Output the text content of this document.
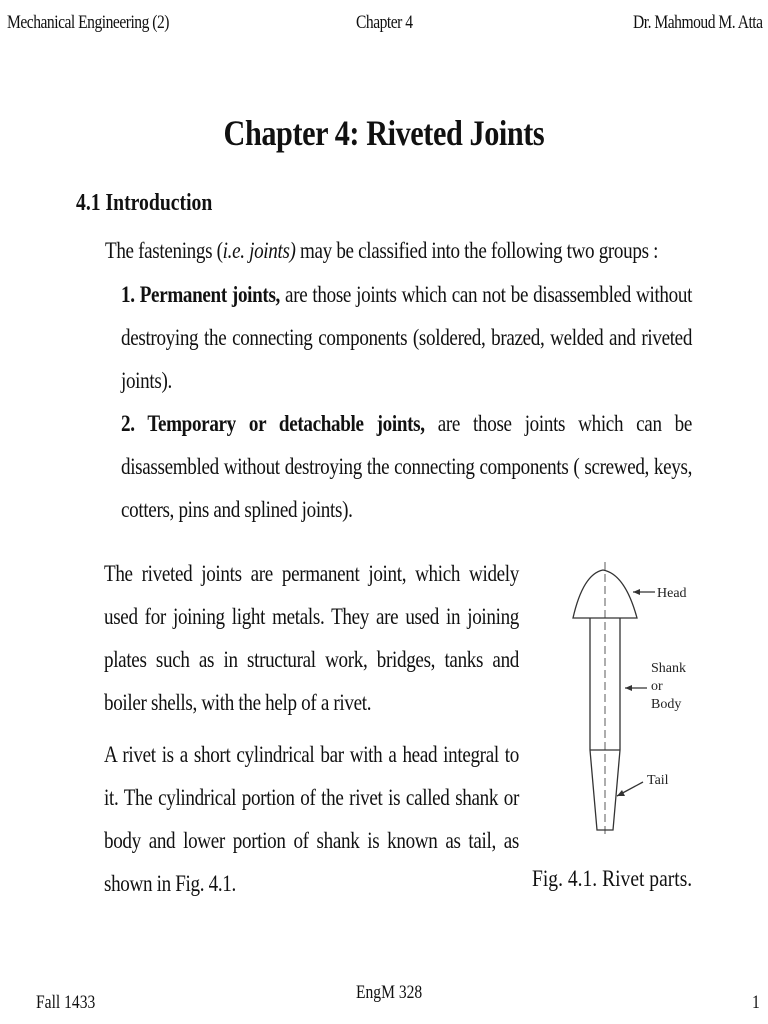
Mechanical Engineering (2)	Chapter 4	Dr. Mahmoud M. Atta
Chapter 4: Riveted Joints
4.1 Introduction
The fastenings (i.e. joints) may be classified into the following two groups :
1. Permanent joints, are those joints which can not be disassembled without destroying the connecting components (soldered, brazed, welded and riveted joints).
2. Temporary or detachable joints, are those joints which can be disassembled without destroying the connecting components ( screwed, keys, cotters, pins and splined joints).
The riveted joints are permanent joint, which widely used for joining light metals. They are used in joining plates such as in structural work, bridges, tanks and boiler shells, with the help of a rivet.
A rivet is a short cylindrical bar with a head integral to it. The cylindrical portion of the rivet is called shank or body and lower portion of shank is known as tail, as shown in Fig. 4.1.
Head
Shank
or
Body
Tail
Fig. 4.1. Rivet parts.
Fall 1433	EngM 328	1
